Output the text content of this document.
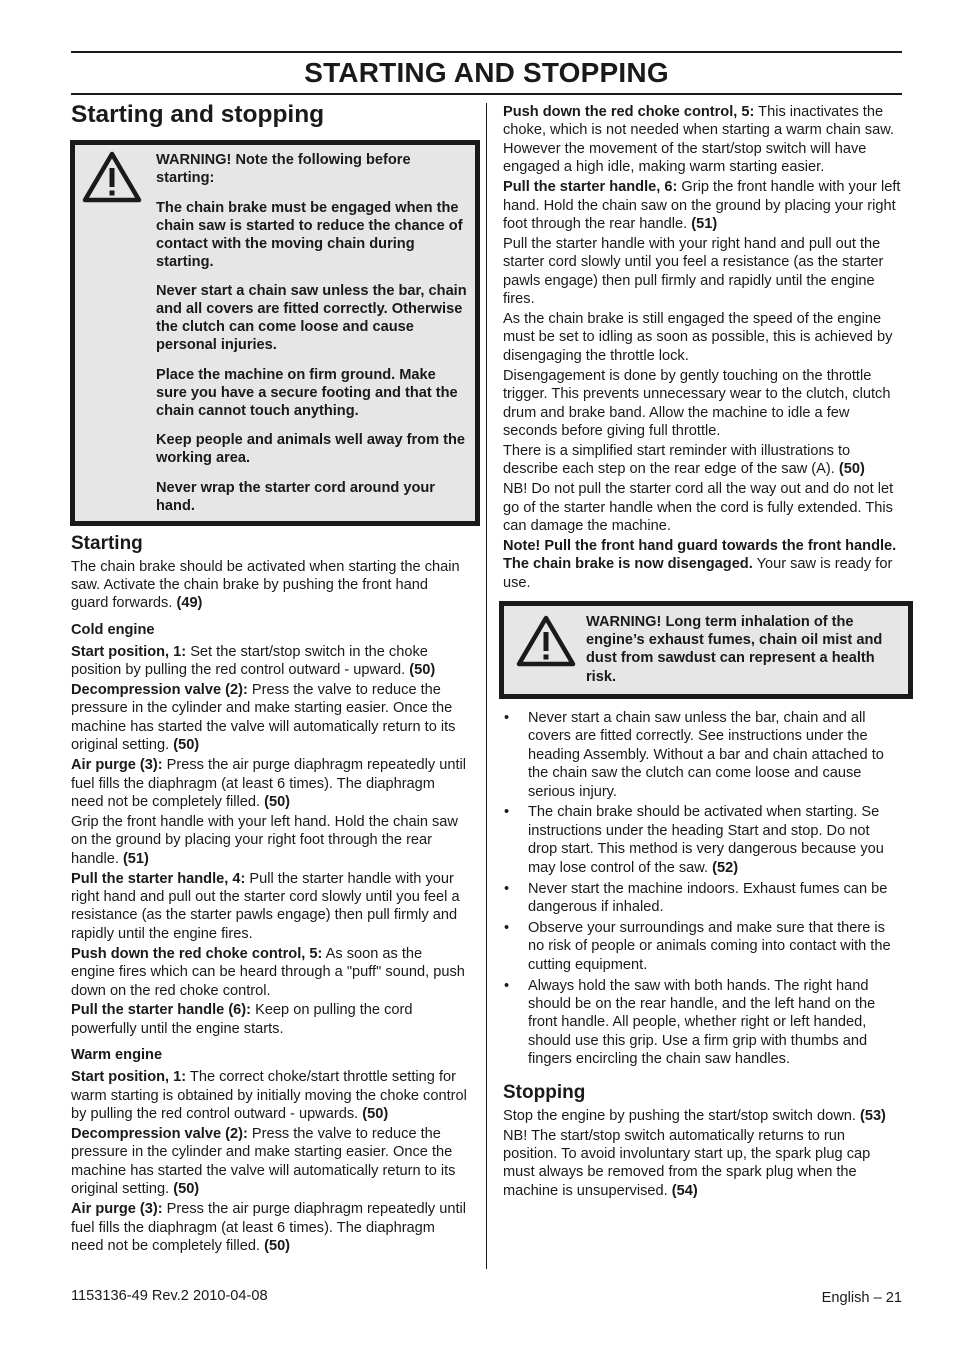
STARTING AND STOPPING
Starting and stopping

WARNING! Note the following before starting:

The chain brake must be engaged when the chain saw is started to reduce the chance of contact with the moving chain during starting.

Never start a chain saw unless the bar, chain and all covers are fitted correctly. Otherwise the clutch can come loose and cause personal injuries.

Place the machine on firm ground. Make sure you have a secure footing and that the chain cannot touch anything.

Keep people and animals well away from the working area.

Never wrap the starter cord around your hand.

Starting

The chain brake should be activated when starting the chain saw. Activate the chain brake by pushing the front hand guard forwards. (49)

Cold engine

Start position, 1: Set the start/stop switch in the choke position by pulling the red control outward - upward. (50)

Decompression valve (2): Press the valve to reduce the pressure in the cylinder and make starting easier. Once the machine has started the valve will automatically return to its original setting. (50)

Air purge (3): Press the air purge diaphragm repeatedly until fuel fills the diaphragm (at least 6 times). The diaphragm need not be completely filled. (50)

Grip the front handle with your left hand. Hold the chain saw on the ground by placing your right foot through the rear handle. (51)

Pull the starter handle, 4: Pull the starter handle with your right hand and pull out the starter cord slowly until you feel a resistance (as the starter pawls engage) then pull firmly and rapidly until the engine fires.

Push down the red choke control, 5: As soon as the engine fires which can be heard through a "puff" sound, push down on the red choke control.

Pull the starter handle (6): Keep on pulling the cord powerfully until the engine starts.

Warm engine

Start position, 1: The correct choke/start throttle setting for warm starting is obtained by initially moving the choke control by pulling the red control outward - upwards. (50)

Decompression valve (2): Press the valve to reduce the pressure in the cylinder and make starting easier. Once the machine has started the valve will automatically return to its original setting. (50)

Air purge (3): Press the air purge diaphragm repeatedly until fuel fills the diaphragm (at least 6 times). The diaphragm need not be completely filled. (50)

Push down the red choke control, 5: This inactivates the choke, which is not needed when starting a warm chain saw. However the movement of the start/stop switch will have engaged a high idle, making warm starting easier.

Pull the starter handle, 6: Grip the front handle with your left hand. Hold the chain saw on the ground by placing your right foot through the rear handle. (51)

Pull the starter handle with your right hand and pull out the starter cord slowly until you feel a resistance (as the starter pawls engage) then pull firmly and rapidly until the engine fires.

As the chain brake is still engaged the speed of the engine must be set to idling as soon as possible, this is achieved by disengaging the throttle lock.

Disengagement is done by gently touching on the throttle trigger. This prevents unnecessary wear to the clutch, clutch drum and brake band. Allow the machine to idle a few seconds before giving full throttle.

There is a simplified start reminder with illustrations to describe each step on the rear edge of the saw (A). (50)

NB! Do not pull the starter cord all the way out and do not let go of the starter handle when the cord is fully extended. This can damage the machine.

Note! Pull the front hand guard towards the front handle. The chain brake is now disengaged. Your saw is ready for use.

WARNING! Long term inhalation of the engine’s exhaust fumes, chain oil mist and dust from sawdust can represent a health risk.

• Never start a chain saw unless the bar, chain and all covers are fitted correctly. See instructions under the heading Assembly. Without a bar and chain attached to the chain saw the clutch can come loose and cause serious injury.
• The chain brake should be activated when starting. Se instructions under the heading Start and stop. Do not drop start. This method is very dangerous because you may lose control of the saw. (52)
• Never start the machine indoors. Exhaust fumes can be dangerous if inhaled.
• Observe your surroundings and make sure that there is no risk of people or animals coming into contact with the cutting equipment.
• Always hold the saw with both hands. The right hand should be on the rear handle, and the left hand on the front handle. All people, whether right or left handed, should use this grip. Use a firm grip with thumbs and fingers encircling the chain saw handles.
Stopping

Stop the engine by pushing the start/stop switch down. (53)

NB! The start/stop switch automatically returns to run position. To avoid involuntary start up, the spark plug cap must always be removed from the spark plug when the machine is unsupervised. (54)

1153136-49 Rev.2 2010-04-08	English – 21
